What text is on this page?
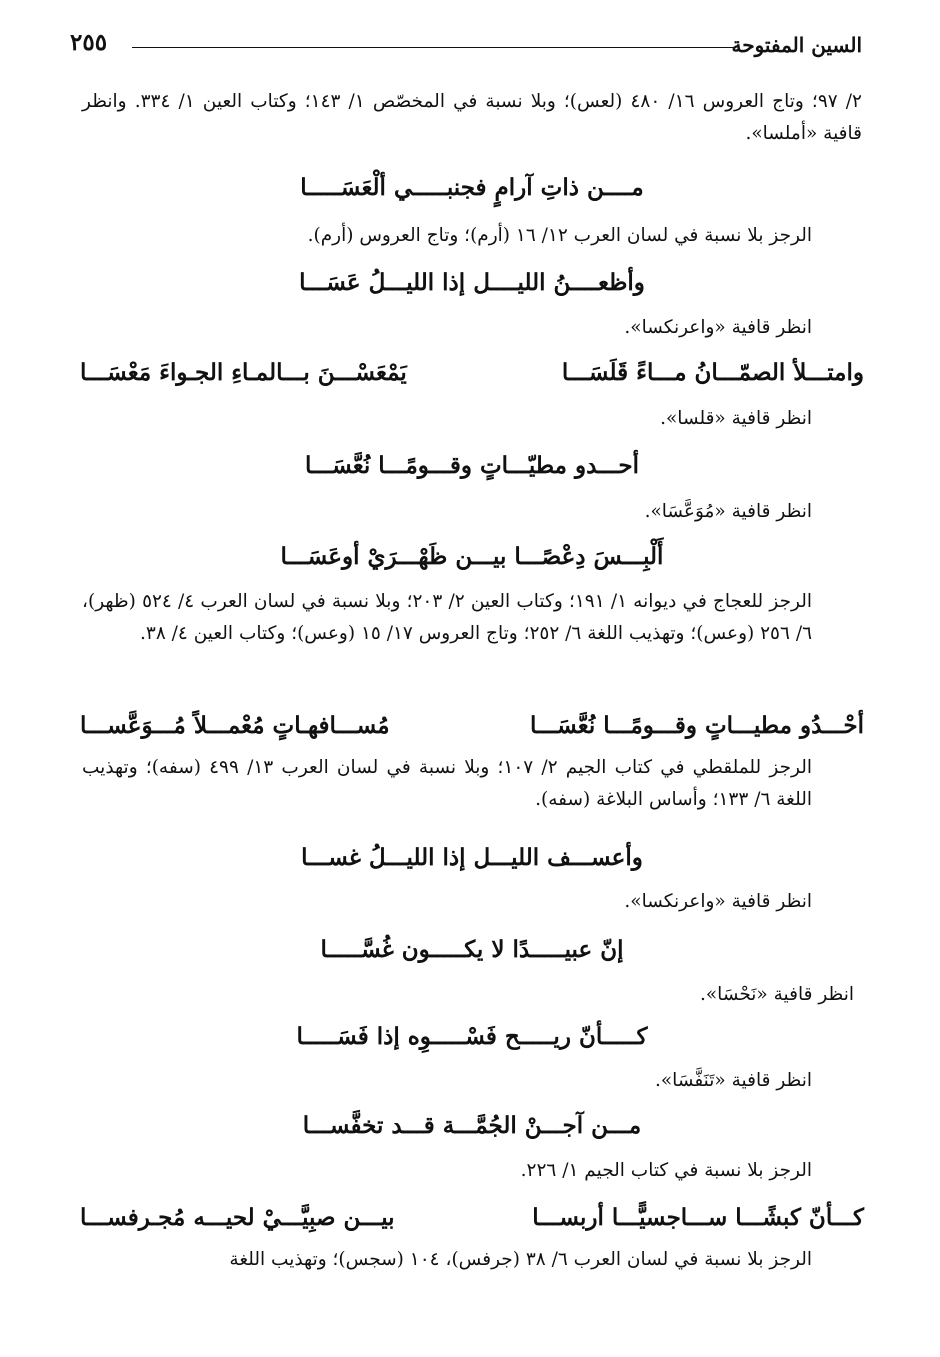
٢٥٥	السين المفتوحة

٢/ ٩٧؛ وتاج العروس ١٦/ ٤٨٠ (لعس)؛ وبلا نسبة في المخصّص ١/ ١٤٣؛ وكتاب العين ١/ ٣٣٤. وانظر قافية «أملسا».

مــــن ذاتِ آرامٍ فجنبـــــي ألْعَسَـــــا

الرجز بلا نسبة في لسان العرب ١٢/ ١٦ (أرم)؛ وتاج العروس (أرم).

وأظعــــنُ الليــــل إذا الليـــلُ عَسَـــا

انظر قافية «واعرنكسا».

وامتـــلأ الصمّـــانُ مـــاءً قَلَسَـــا
يَمْعَسْـــنَ بـــالمـاءِ الجـواءَ مَعْسَـــا

انظر قافية «قلسا».

أحـــدو مطيّـــاتٍ وقـــومًـــا نُعَّسَـــا

انظر قافية «مُوَعَّسَا».

أَلْبِـــسَ دِعْصًـــا بيـــن ظَهْـــرَيْ أوعَسَـــا

الرجز للعجاج في ديوانه ١/ ١٩١؛ وكتاب العين ٢/ ٢٠٣؛ وبلا نسبة في لسان العرب ٤/ ٥٢٤ (ظهر)، ٦/ ٢٥٦ (وعس)؛ وتهذيب اللغة ٦/ ٢٥٢؛ وتاج العروس ١٧/ ١٥ (وعس)؛ وكتاب العين ٤/ ٣٨.

أحْـــدُو مطيـــاتٍ وقـــومًـــا نُعَّسَـــا
مُســـافهـاتٍ مُعْمـــلاً مُـــوَعَّســـا

الرجز للملقطي في كتاب الجيم ٢/ ١٠٧؛ وبلا نسبة في لسان العرب ١٣/ ٤٩٩ (سفه)؛ وتهذيب اللغة ٦/ ١٣٣؛ وأساس البلاغة (سفه).

وأعســـف الليـــل إذا الليـــلُ غســـا

انظر قافية «واعرنكسا».

إنّ عبيـــــدًا لا يكـــــون غُسَّـــــا

انظر قافية «نَحْسَا».

كـــــأنّ ريـــــح فَسْـــــوِه إذا فَسَـــــا

انظر قافية «تَنَفَّسَا».

مـــن آجـــنْ الجُمَّـــة قـــد تخفَّســـا

الرجز بلا نسبة في كتاب الجيم ١/ ٢٢٦.

كـــأنّ كبشًـــا ســـاجسيًّـــا أربســـا
بيـــن صبِيَّـــيْ لحيـــه مُجـرفســـا

الرجز بلا نسبة في لسان العرب ٦/ ٣٨ (جرفس)، ١٠٤ (سجس)؛ وتهذيب اللغة
